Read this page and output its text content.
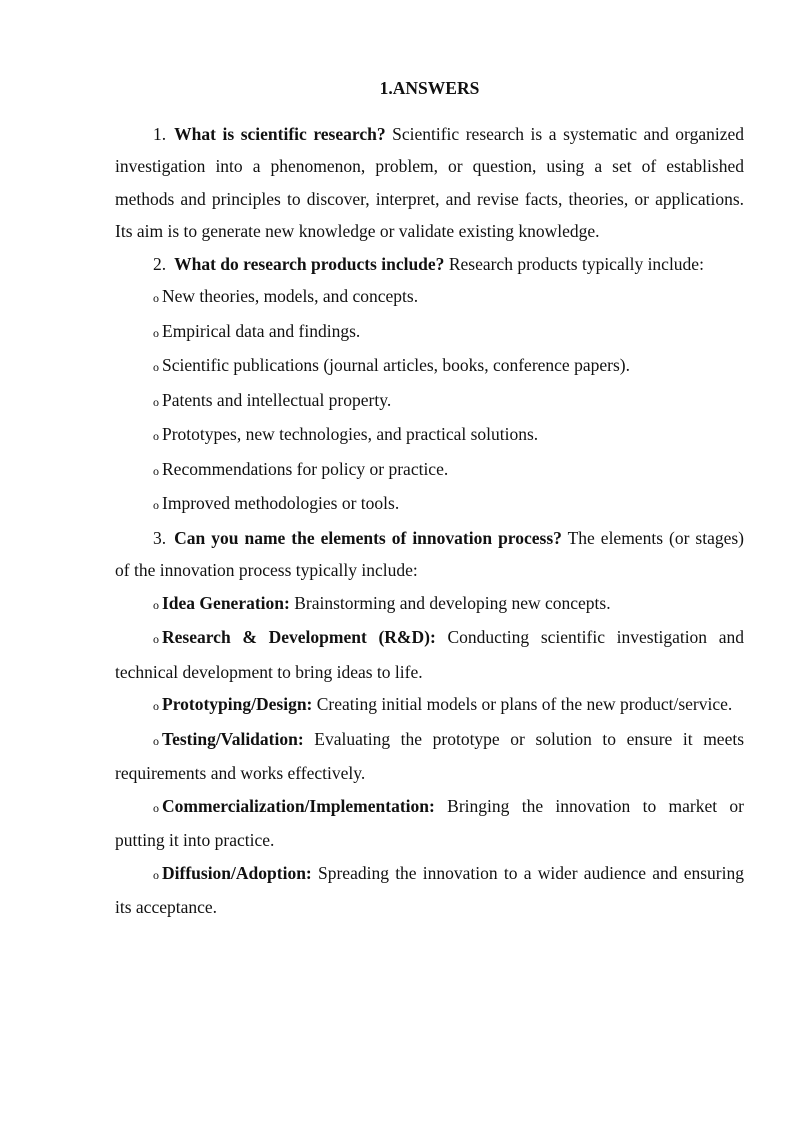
1.ANSWERS

1. What is scientific research? Scientific research is a systematic and organized investigation into a phenomenon, problem, or question, using a set of established methods and principles to discover, interpret, and revise facts, theories, or applications. Its aim is to generate new knowledge or validate existing knowledge.

2. What do research products include? Research products typically include:

o New theories, models, and concepts.

o Empirical data and findings.

o Scientific publications (journal articles, books, conference papers).

o Patents and intellectual property.

o Prototypes, new technologies, and practical solutions.

o Recommendations for policy or practice.

o Improved methodologies or tools.

3. Can you name the elements of innovation process? The elements (or stages) of the innovation process typically include:

o Idea Generation: Brainstorming and developing new concepts.

o Research & Development (R&D): Conducting scientific investigation and technical development to bring ideas to life.

o Prototyping/Design: Creating initial models or plans of the new product/service.

o Testing/Validation: Evaluating the prototype or solution to ensure it meets requirements and works effectively.

o Commercialization/Implementation: Bringing the innovation to market or putting it into practice.

o Diffusion/Adoption: Spreading the innovation to a wider audience and ensuring its acceptance.
